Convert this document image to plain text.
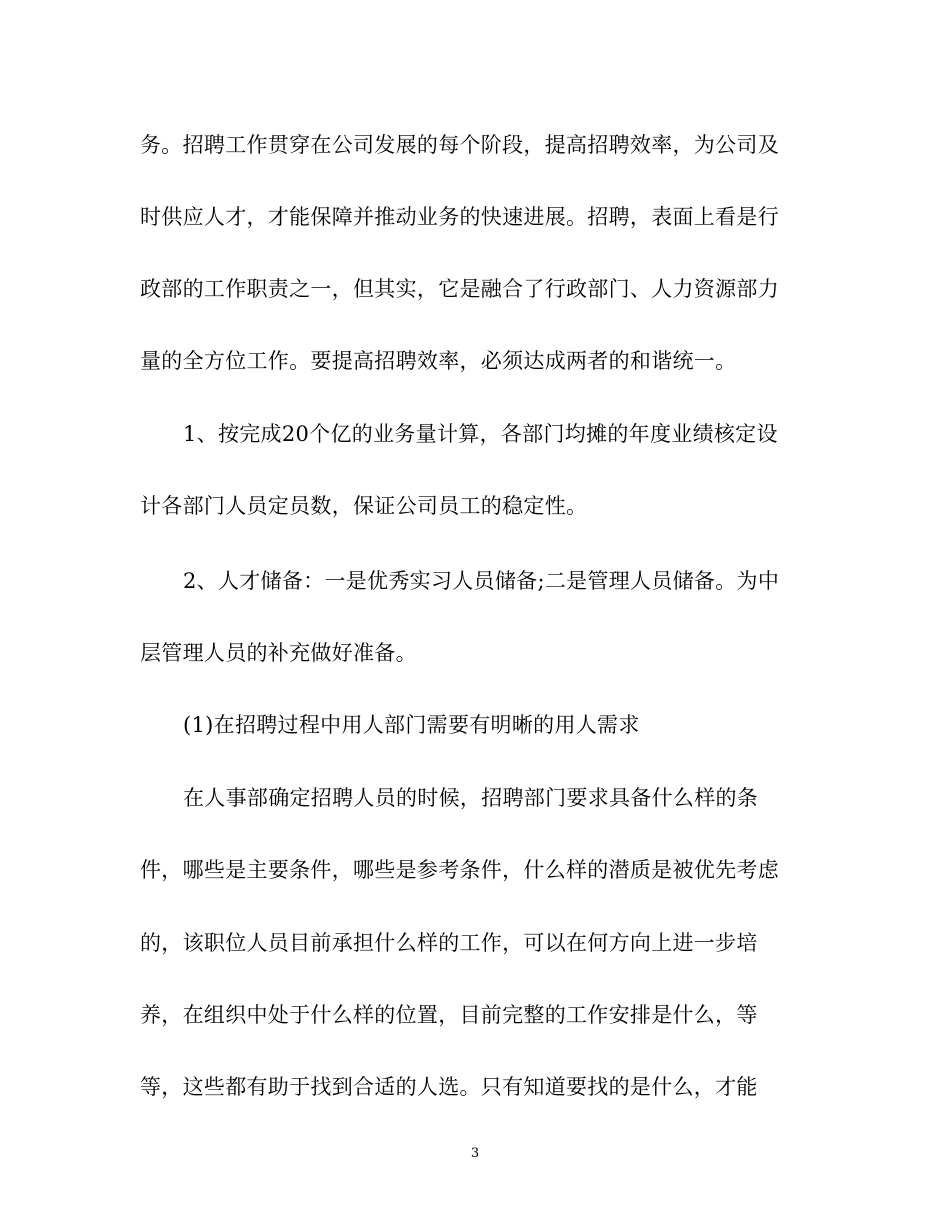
务。招聘工作贯穿在公司发展的每个阶段，提高招聘效率，为公司及
时供应人才，才能保障并推动业务的快速进展。招聘，表面上看是行
政部的工作职责之一，但其实，它是融合了行政部门、人力资源部力
量的全方位工作。要提高招聘效率，必须达成两者的和谐统一。
1、按完成20个亿的业务量计算，各部门均摊的年度业绩核定设
计各部门人员定员数，保证公司员工的稳定性。
2、人才储备：一是优秀实习人员储备;二是管理人员储备。为中
层管理人员的补充做好准备。
(1)在招聘过程中用人部门需要有明晰的用人需求
在人事部确定招聘人员的时候，招聘部门要求具备什么样的条
件，哪些是主要条件，哪些是参考条件，什么样的潜质是被优先考虑
的，该职位人员目前承担什么样的工作，可以在何方向上进一步培
养，在组织中处于什么样的位置，目前完整的工作安排是什么，等
等，这些都有助于找到合适的人选。只有知道要找的是什么，才能
3
